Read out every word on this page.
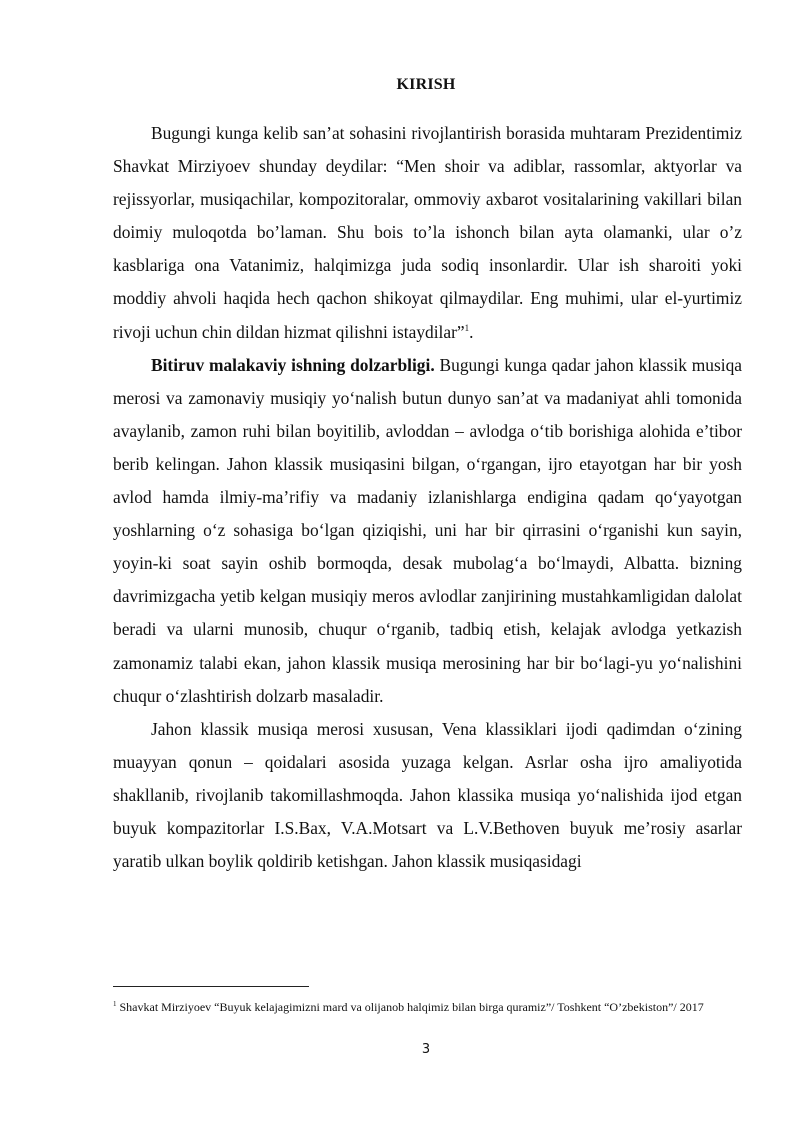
KIRISH

Bugungi kunga kelib san’at sohasini rivojlantirish borasida muhtaram Prezidentimiz Shavkat Mirziyoev shunday deydilar: “Men shoir va adiblar, rassomlar, aktyorlar va rejissyorlar, musiqachilar, kompozitoralar, ommoviy axbarot vositalarining vakillari bilan doimiy muloqotda bo’laman. Shu bois to’la ishonch bilan ayta olamanki, ular o’z kasblariga ona Vatanimiz, halqimizga juda sodiq insonlardir. Ular ish sharoiti yoki moddiy ahvoli haqida hech qachon shikoyat qilmaydilar. Eng muhimi, ular el-yurtimiz rivoji uchun chin dildan hizmat qilishni istaydilar”$^1$.

Bitiruv malakaviy ishning dolzarbligi. Bugungi kunga qadar jahon klassik musiqa merosi va zamonaviy musiqiy yo‘nalish butun dunyo san’at va madaniyat ahli tomonida avaylanib, zamon ruhi bilan boyitilib, avloddan – avlodga o‘tib borishiga alohida e’tibor berib kelingan. Jahon klassik musiqasini bilgan, o‘rgangan, ijro etayotgan har bir yosh avlod hamda ilmiy-ma’rifiy va madaniy izlanishlarga endigina qadam qo‘yayotgan yoshlarning o‘z sohasiga bo‘lgan qiziqishi, uni har bir qirrasini o‘rganishi kun sayin, yoyin-ki soat sayin oshib bormoqda, desak mubolag‘a bo‘lmaydi, Albatta. bizning davrimizgacha yetib kelgan musiqiy meros avlodlar zanjirining mustahkamligidan dalolat beradi va ularni munosib, chuqur o‘rganib, tadbiq etish, kelajak avlodga yetkazish zamonamiz talabi ekan, jahon klassik musiqa merosining har bir bo‘lagi-yu yo‘nalishini chuqur o‘zlashtirish dolzarb masaladir.

Jahon klassik musiqa merosi xususan, Vena klassiklari ijodi qadimdan o‘zining muayyan qonun – qoidalari asosida yuzaga kelgan. Asrlar osha ijro amaliyotida shakllanib, rivojlanib takomillashmoqda. Jahon klassika musiqa yo‘nalishida ijod etgan buyuk kompazitorlar I.S.Bax, V.A.Motsart va L.V.Bethoven buyuk me’rosiy asarlar yaratib ulkan boylik qoldirib ketishgan. Jahon klassik musiqasidagi

$^1$ Shavkat Mirziyoev “Buyuk kelajagimizni mard va olijanob halqimiz bilan birga quramiz”/ Toshkent “O’zbekiston”/ 2017
3
